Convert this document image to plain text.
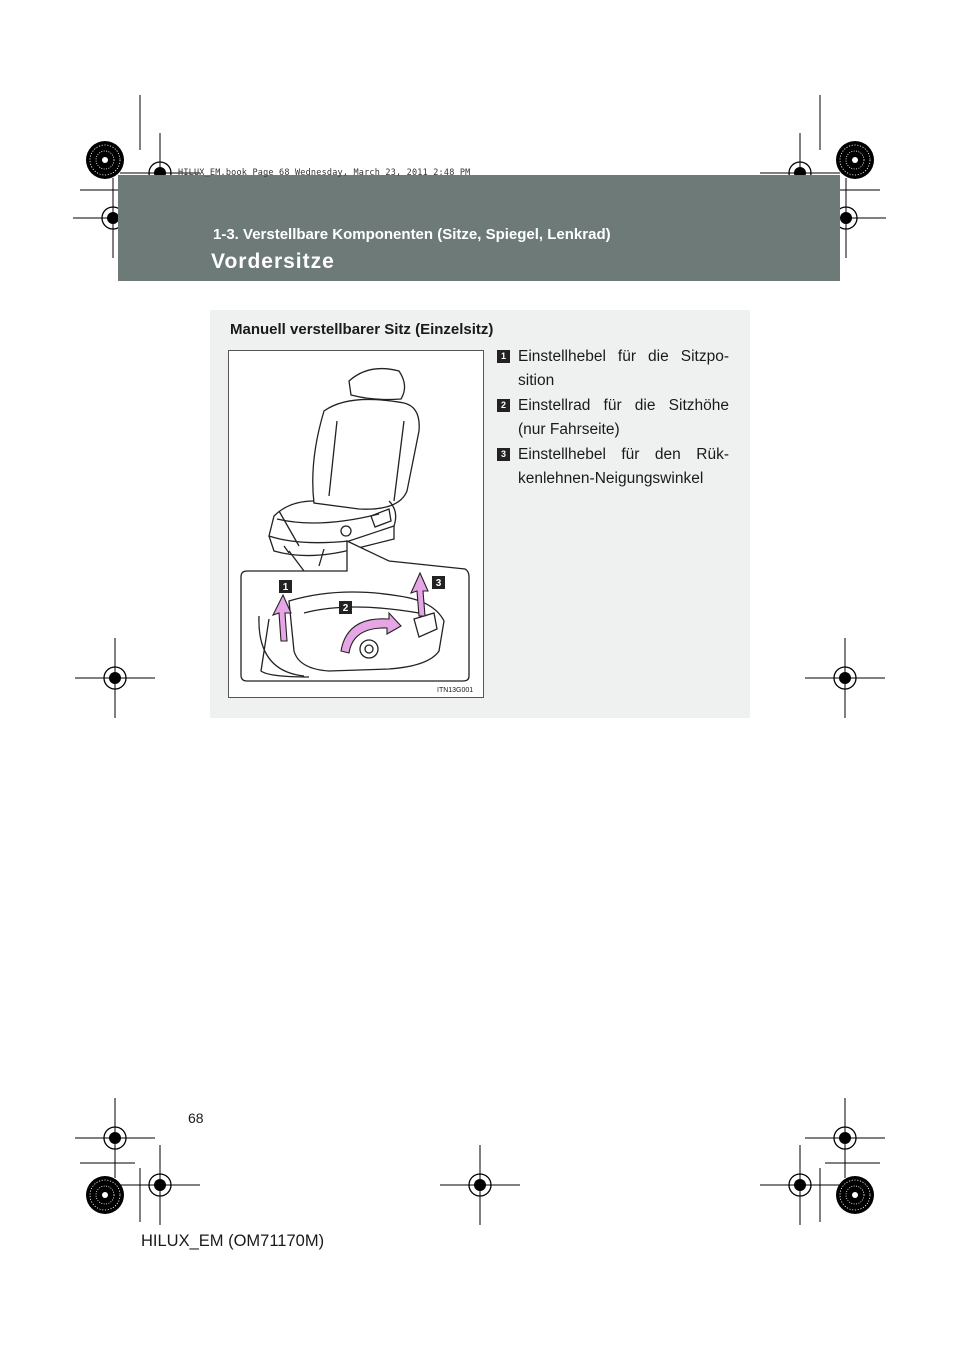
HILUX_EM.book Page 68 Wednesday, March 23, 2011 2:48 PM
1-3. Verstellbare Komponenten (Sitze, Spiegel, Lenkrad)
Vordersitze
Manuell verstellbarer Sitz (Einzelsitz)
1
2
3
ITN13G001
1 Einstellhebel für die Sitzpo-sition
2 Einstellrad für die Sitzhöhe (nur Fahrseite)
3 Einstellhebel für den Rük-kenlehnen-Neigungswinkel
68
HILUX_EM (OM71170M)
